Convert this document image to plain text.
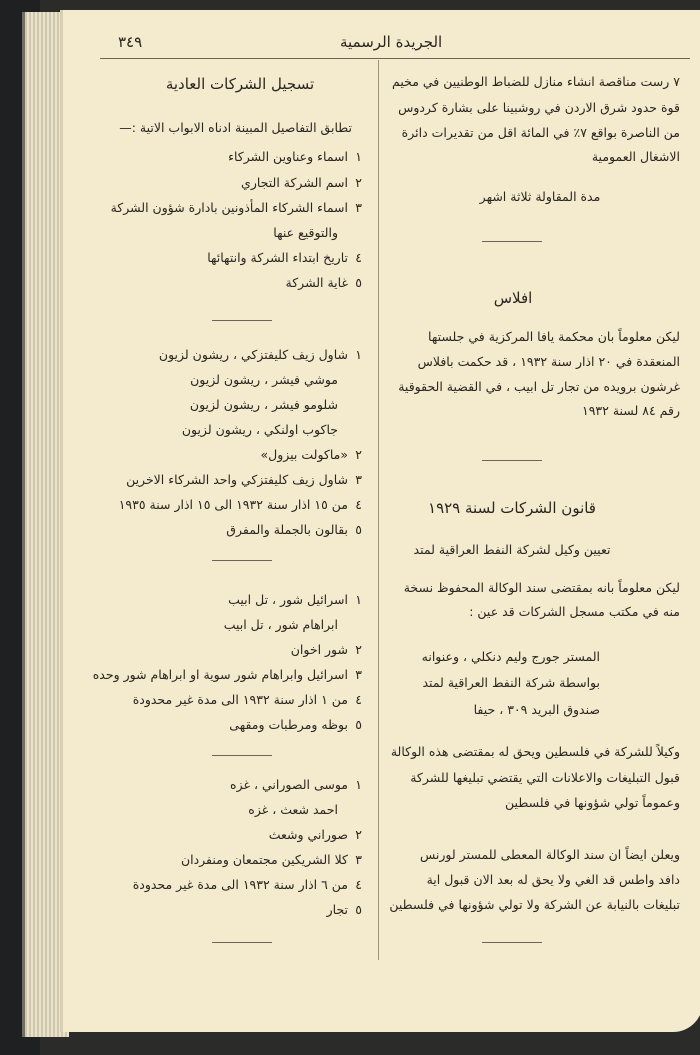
٣٤٩	الجريدة الرسمية
٧ رست مناقصة انشاء منازل للضباط الوطنيين في مخيم
قوة حدود شرق الاردن في روشبينا على بشارة كردوس
من الناصرة بواقع ٧٪ في المائة اقل من تقديرات دائرة
الاشغال العمومية
مدة المقاولة ثلاثة اشهر
افلاس
ليكن معلوماً بان محكمة يافا المركزية في جلستها
المنعقدة في ٢٠ اذار سنة ١٩٣٢ ، قد حكمت بافلاس
غرشون برويده من تجار تل ابيب ، في القضية الحقوقية
رقم ٨٤ لسنة ١٩٣٢
قانون الشركات لسنة ١٩٢٩
تعيين وكيل لشركة النفط العراقية لمتد
ليكن معلوماً بانه بمقتضى سند الوكالة المحفوظ نسخة
منه في مكتب مسجل الشركات قد عين :
المستر جورج وليم دنكلي ، وعنوانه
بواسطة شركة النفط العراقية لمتد
صندوق البريد ٣٠٩ ، حيفا
وكيلاً للشركة في فلسطين ويحق له بمقتضى هذه الوكالة
قبول التبليغات والاعلانات التي يقتضي تبليغها للشركة
وعموماً تولي شؤونها في فلسطين
ويعلن ايضاً ان سند الوكالة المعطى للمستر لورنس
دافد واطس قد الغي ولا يحق له بعد الان قبول اية
تبليغات بالنيابة عن الشركة ولا تولي شؤونها في فلسطين
تسجيل الشركات العادية
تطابق التفاصيل المبينة ادناه الابواب الاتية :—
١
اسماء وعناوين الشركاء
٢
اسم الشركة التجاري
٣
اسماء الشركاء المأذونين بادارة شؤون الشركة
والتوقيع عنها
٤
تاريخ ابتداء الشركة وانتهائها
٥
غاية الشركة
١
شاول زيف كليفتزكي ، ريشون لزيون
موشي فيشر ، ريشون لزيون
شلومو فيشر ، ريشون لزيون
جاكوب اولنكي ، ريشون لزيون
٢
«ماكولت بيزول»
٣
شاول زيف كليفتزكي واحد الشركاء الاخرين
٤
من ١٥ اذار سنة ١٩٣٢ الى ١٥ اذار سنة ١٩٣٥
٥
بقالون بالجملة والمفرق
١
اسرائيل شور ، تل ابيب
ابراهام شور ، تل ابيب
٢
شور اخوان
٣
اسرائيل وابراهام شور سوية او ابراهام شور وحده
٤
من ١ اذار سنة ١٩٣٢ الى مدة غير محدودة
٥
بوظه ومرطبات ومقهى
١
موسى الصوراني ، غزه
احمد شعث ، غزه
٢
صوراني وشعث
٣
كلا الشريكين مجتمعان ومنفردان
٤
من ٦ اذار سنة ١٩٣٢ الى مدة غير محدودة
٥
تجار
